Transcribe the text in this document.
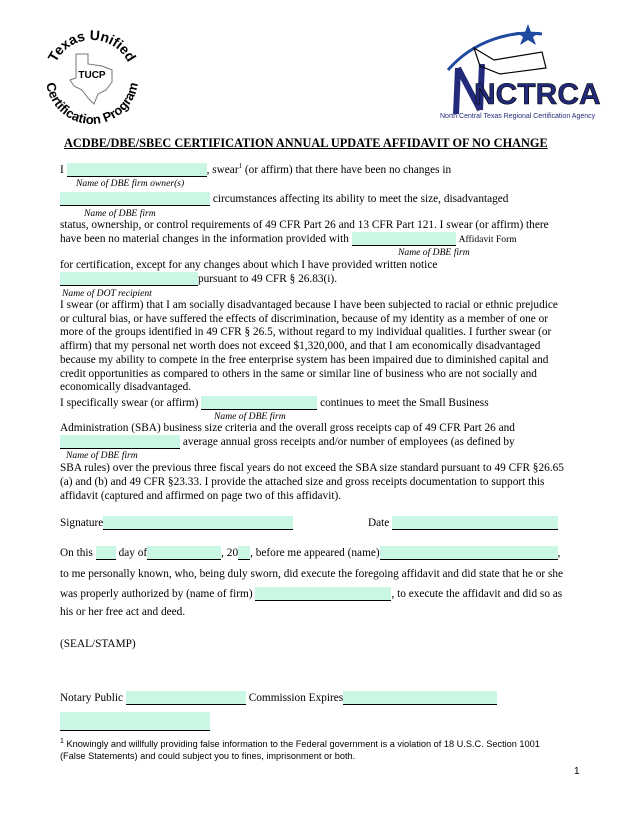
Texas Unified
Certification Program
TUCP
NCTRCA
North Central Texas Regional Certification Agency
ACDBE/DBE/SBEC CERTIFICATION ANNUAL UPDATE AFFIDAVIT OF NO CHANGE
I	, swear$^1$ (or affirm) that there have been no changes in
Name of DBE firm owner(s)
circumstances affecting its ability to meet the size, disadvantaged
Name of DBE firm
status, ownership, or control requirements of 49 CFR Part 26 and 13 CFR Part 121. I swear (or affirm) there
have been no material changes in the information provided with	Affidavit Form
Name of DBE firm
for certification, except for any changes about which I have provided written notice
pursuant to 49 CFR § 26.83(i).
Name of DOT recipient
I swear (or affirm) that I am socially disadvantaged because I have been subjected to racial or ethnic prejudice
or cultural bias, or have suffered the effects of discrimination, because of my identity as a member of one or
more of the groups identified in 49 CFR § 26.5, without regard to my individual qualities. I further swear (or
affirm) that my personal net worth does not exceed $1,320,000, and that I am economically disadvantaged
because my ability to compete in the free enterprise system has been impaired due to diminished capital and
credit opportunities as compared to others in the same or similar line of business who are not socially and
economically disadvantaged.
I specifically swear (or affirm)	continues to meet the Small Business
Name of DBE firm
Administration (SBA) business size criteria and the overall gross receipts cap of 49 CFR Part 26 and
average annual gross receipts and/or number of employees (as defined by
Name of DBE firm
SBA rules) over the previous three fiscal years do not exceed the SBA size standard pursuant to 49 CFR §26.65
(a) and (b) and 49 CFR §23.33. I provide the attached size and gross receipts documentation to support this
affidavit (captured and affirmed on page two of this affidavit).
Signature	Date
On this day of	, 20 , before me appeared (name)	,
to me personally known, who, being duly sworn, did execute the foregoing affidavit and did state that he or she
was properly authorized by (name of firm)	, to execute the affidavit and did so as
his or her free act and deed.
(SEAL/STAMP)
Notary Public	Commission Expires
$^1$ Knowingly and willfully providing false information to the Federal government is a violation of 18 U.S.C. Section 1001
(False Statements) and could subject you to fines, imprisonment or both.
1
